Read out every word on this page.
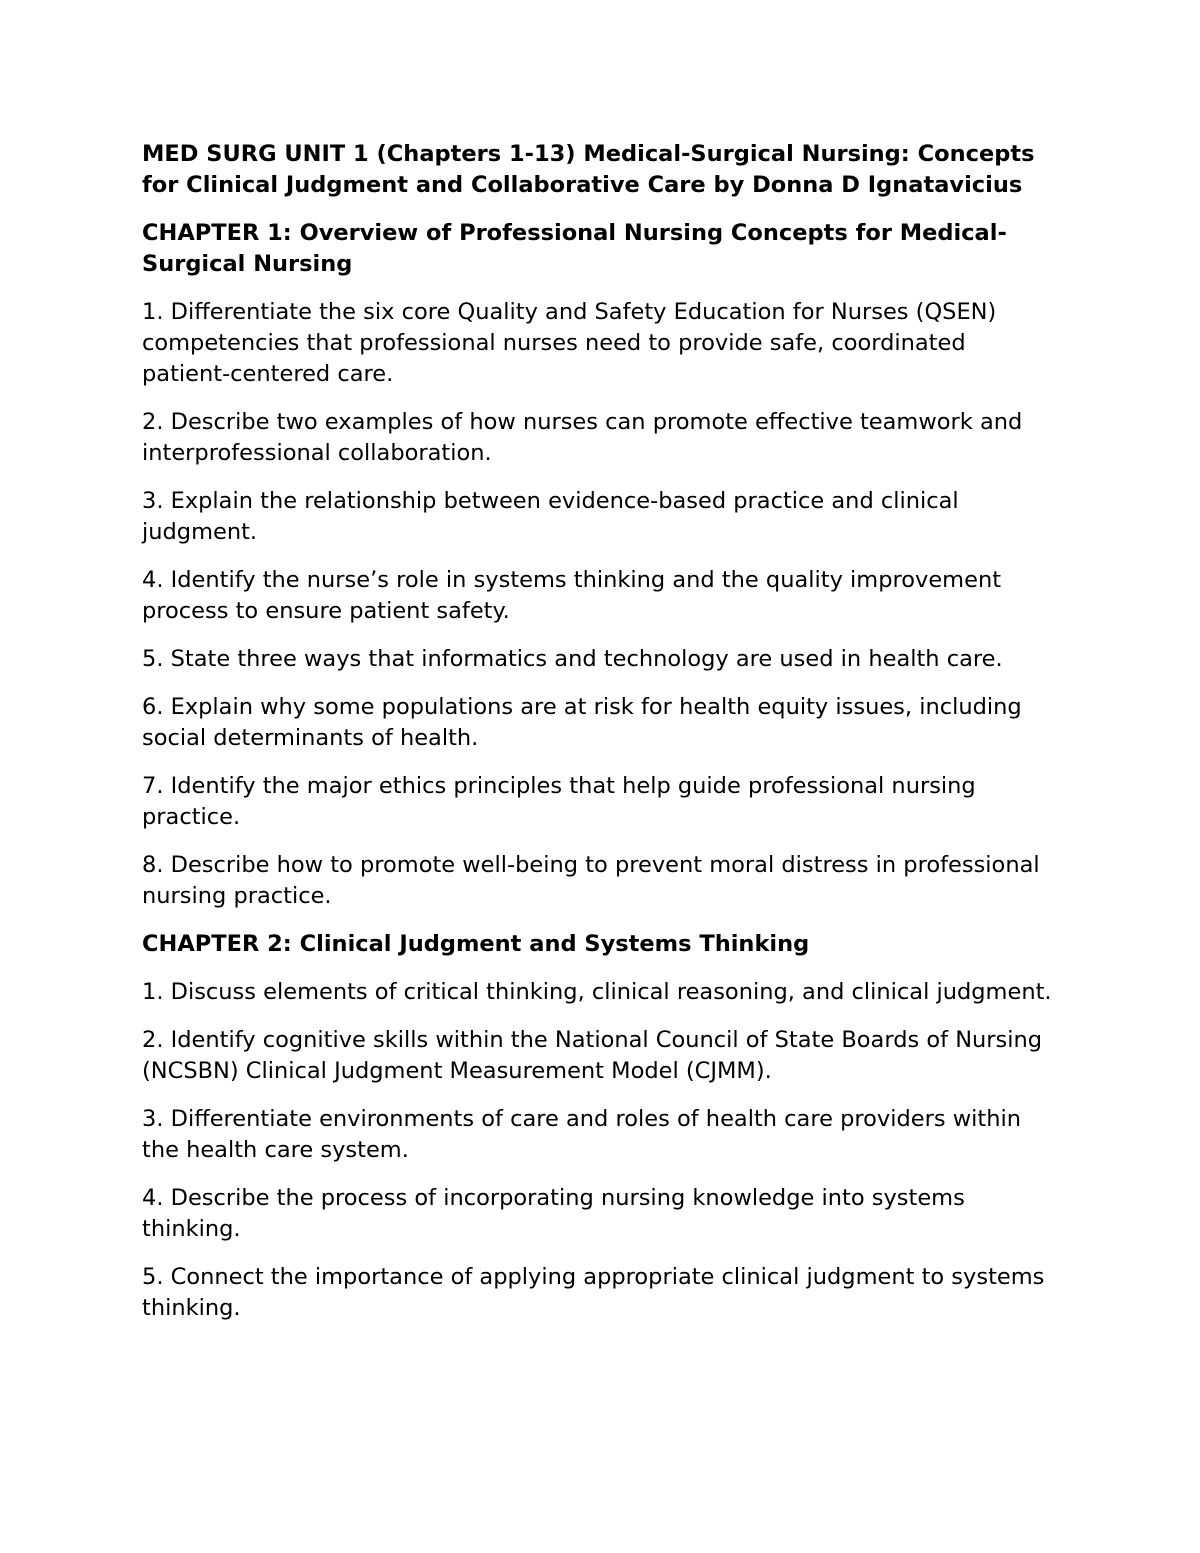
MED SURG UNIT 1 (Chapters 1-13) Medical-Surgical Nursing: Concepts for Clinical Judgment and Collaborative Care by Donna D Ignatavicius

CHAPTER 1: Overview of Professional Nursing Concepts for Medical-Surgical Nursing

1. Differentiate the six core Quality and Safety Education for Nurses (QSEN) competencies that professional nurses need to provide safe, coordinated patient-centered care.

2. Describe two examples of how nurses can promote effective teamwork and interprofessional collaboration.

3. Explain the relationship between evidence-based practice and clinical judgment.

4. Identify the nurse’s role in systems thinking and the quality improvement process to ensure patient safety.

5. State three ways that informatics and technology are used in health care.

6. Explain why some populations are at risk for health equity issues, including social determinants of health.

7. Identify the major ethics principles that help guide professional nursing practice.

8. Describe how to promote well-being to prevent moral distress in professional nursing practice.

CHAPTER 2: Clinical Judgment and Systems Thinking

1. Discuss elements of critical thinking, clinical reasoning, and clinical judgment.

2. Identify cognitive skills within the National Council of State Boards of Nursing (NCSBN) Clinical Judgment Measurement Model (CJMM).

3. Differentiate environments of care and roles of health care providers within the health care system.

4. Describe the process of incorporating nursing knowledge into systems thinking.

5. Connect the importance of applying appropriate clinical judgment to systems thinking.
